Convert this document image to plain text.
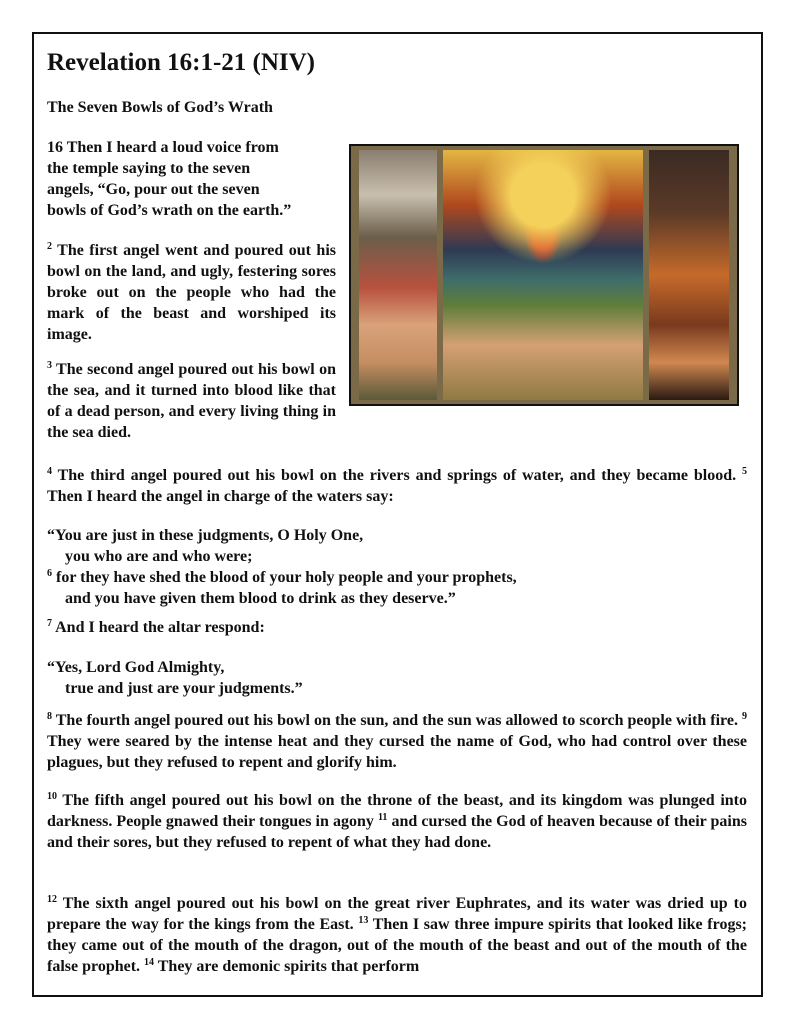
Revelation 16:1-21 (NIV)
The Seven Bowls of God’s Wrath
16 Then I heard a loud voice from the temple saying to the seven angels, “Go, pour out the seven bowls of God’s wrath on the earth.”
$^2$ The first angel went and poured out his bowl on the land, and ugly, festering sores broke out on the people who had the mark of the beast and worshiped its image.
$^3$ The second angel poured out his bowl on the sea, and it turned into blood like that of a dead person, and every living thing in the sea died.
$^4$ The third angel poured out his bowl on the rivers and springs of water, and they became blood. $^5$ Then I heard the angel in charge of the waters say:
“You are just in these judgments, O Holy One,
you who are and who were;
$^6$ for they have shed the blood of your holy people and your prophets,
and you have given them blood to drink as they deserve.”
$^7$ And I heard the altar respond:
“Yes, Lord God Almighty,
true and just are your judgments.”
$^8$ The fourth angel poured out his bowl on the sun, and the sun was allowed to scorch people with fire. $^9$ They were seared by the intense heat and they cursed the name of God, who had control over these plagues, but they refused to repent and glorify him.
$^{10}$ The fifth angel poured out his bowl on the throne of the beast, and its kingdom was plunged into darkness. People gnawed their tongues in agony $^{11}$ and cursed the God of heaven because of their pains and their sores, but they refused to repent of what they had done.
$^{12}$ The sixth angel poured out his bowl on the great river Euphrates, and its water was dried up to prepare the way for the kings from the East. $^{13}$ Then I saw three impure spirits that looked like frogs; they came out of the mouth of the dragon, out of the mouth of the beast and out of the mouth of the false prophet. $^{14}$ They are demonic spirits that perform
